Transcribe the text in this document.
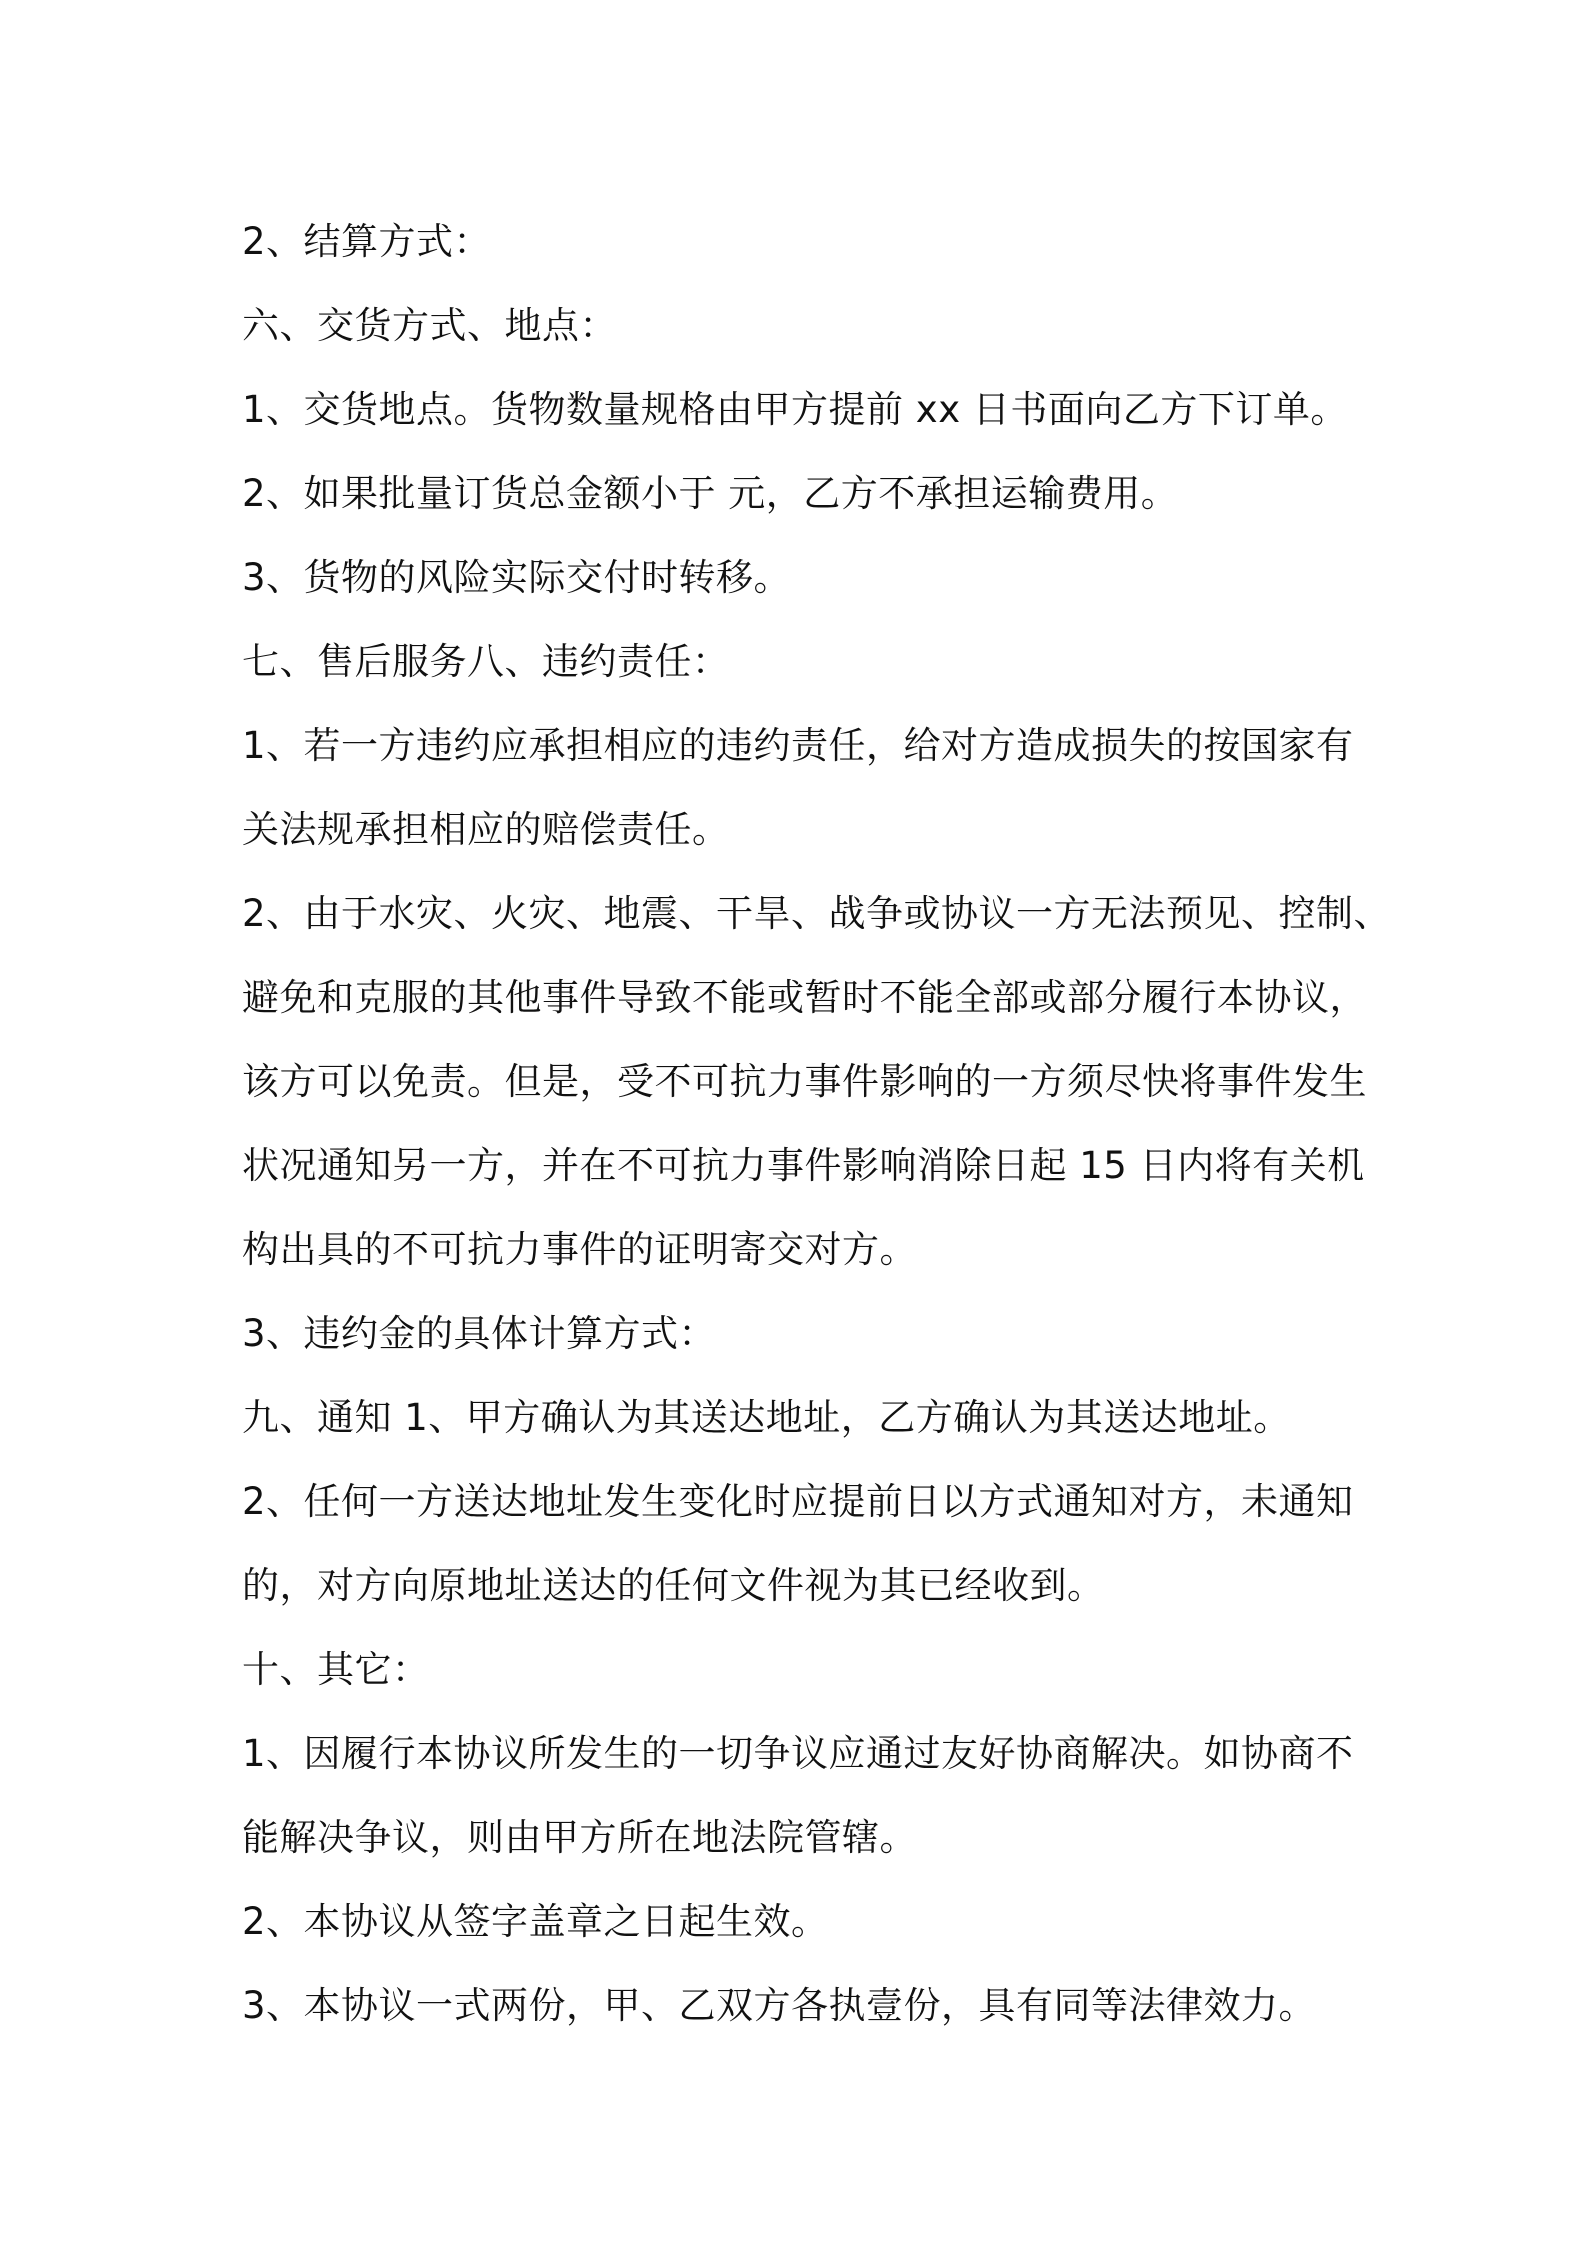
2、结算方式：
六、交货方式、地点：
1、交货地点。货物数量规格由甲方提前 xx 日书面向乙方下订单。
2、如果批量订货总金额小于 元，乙方不承担运输费用。
3、货物的风险实际交付时转移。
七、售后服务八、违约责任：
1、若一方违约应承担相应的违约责任，给对方造成损失的按国家有
关法规承担相应的赔偿责任。
2、由于水灾、火灾、地震、干旱、战争或协议一方无法预见、控制、
避免和克服的其他事件导致不能或暂时不能全部或部分履行本协议，
该方可以免责。但是，受不可抗力事件影响的一方须尽快将事件发生
状况通知另一方，并在不可抗力事件影响消除日起 15 日内将有关机
构出具的不可抗力事件的证明寄交对方。
3、违约金的具体计算方式：
九、通知 1、甲方确认为其送达地址，乙方确认为其送达地址。
2、任何一方送达地址发生变化时应提前日以方式通知对方，未通知
的，对方向原地址送达的任何文件视为其已经收到。
十、其它：
1、因履行本协议所发生的一切争议应通过友好协商解决。如协商不
能解决争议，则由甲方所在地法院管辖。
2、本协议从签字盖章之日起生效。
3、本协议一式两份，甲、乙双方各执壹份，具有同等法律效力。
